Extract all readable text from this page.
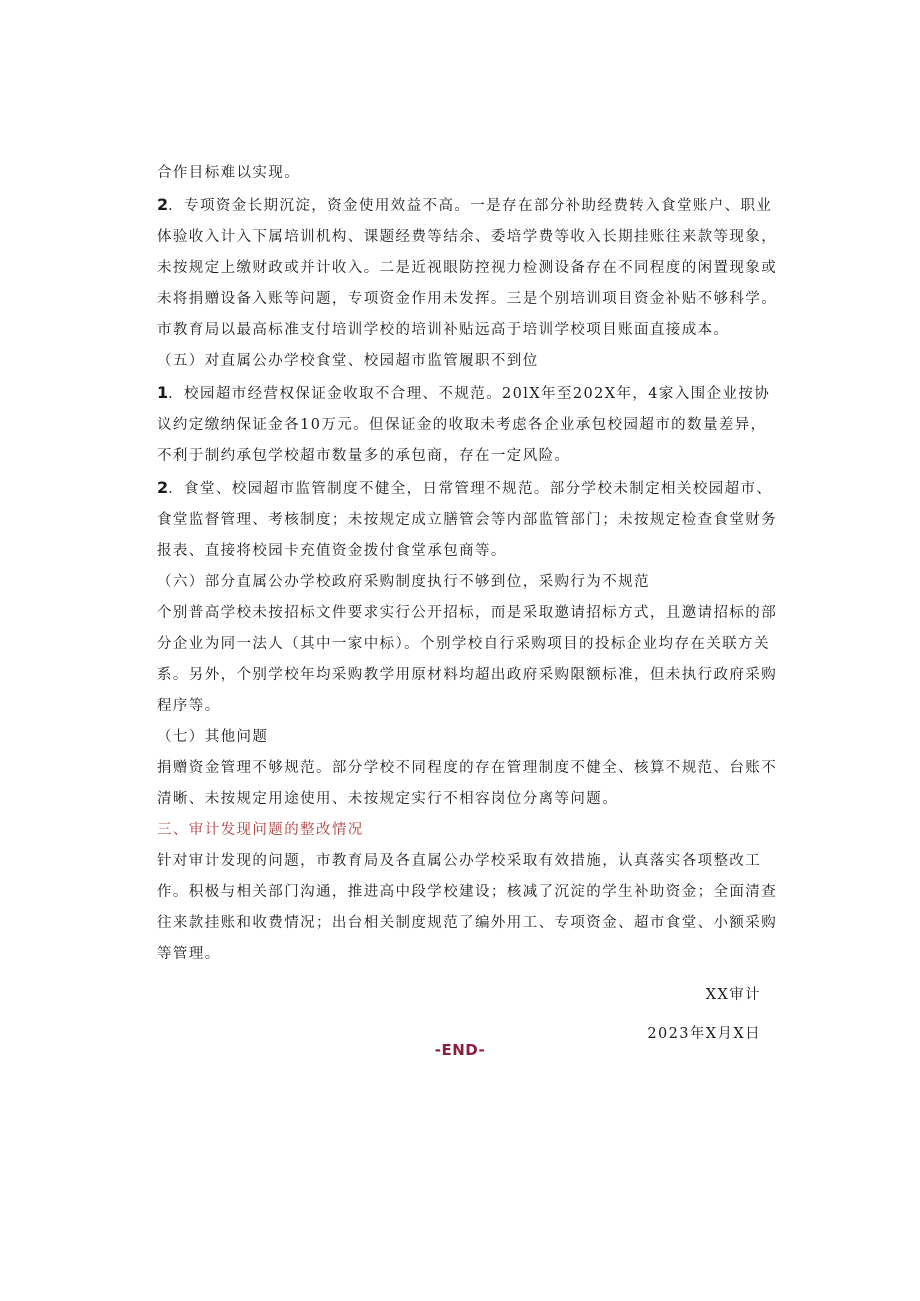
合作目标难以实现。
2．专项资金长期沉淀，资金使用效益不高。一是存在部分补助经费转入食堂账户、职业
体验收入计入下属培训机构、课题经费等结余、委培学费等收入长期挂账往来款等现象，
未按规定上缴财政或并计收入。二是近视眼防控视力检测设备存在不同程度的闲置现象或
未将捐赠设备入账等问题，专项资金作用未发挥。三是个别培训项目资金补贴不够科学。
市教育局以最高标准支付培训学校的培训补贴远高于培训学校项目账面直接成本。
（五）对直属公办学校食堂、校园超市监管履职不到位
1．校园超市经营权保证金收取不合理、不规范。20lX年至202X年，4家入围企业按协
议约定缴纳保证金各10万元。但保证金的收取未考虑各企业承包校园超市的数量差异，
不利于制约承包学校超市数量多的承包商，存在一定风险。
2．食堂、校园超市监管制度不健全，日常管理不规范。部分学校未制定相关校园超市、
食堂监督管理、考核制度；未按规定成立膳管会等内部监管部门；未按规定检查食堂财务
报表、直接将校园卡充值资金拨付食堂承包商等。
（六）部分直属公办学校政府采购制度执行不够到位，采购行为不规范
个别普高学校未按招标文件要求实行公开招标，而是采取邀请招标方式，且邀请招标的部
分企业为同一法人（其中一家中标）。个别学校自行采购项目的投标企业均存在关联方关
系。另外，个别学校年均采购教学用原材料均超出政府采购限额标准，但未执行政府采购
程序等。
（七）其他问题
捐赠资金管理不够规范。部分学校不同程度的存在管理制度不健全、核算不规范、台账不
清晰、未按规定用途使用、未按规定实行不相容岗位分离等问题。
三、审计发现问题的整改情况
针对审计发现的问题，市教育局及各直属公办学校采取有效措施，认真落实各项整改工
作。积极与相关部门沟通，推进高中段学校建设；核减了沉淀的学生补助资金；全面清查
往来款挂账和收费情况；出台相关制度规范了编外用工、专项资金、超市食堂、小额采购
等管理。
XX审计
2023年X月X日
-END-
